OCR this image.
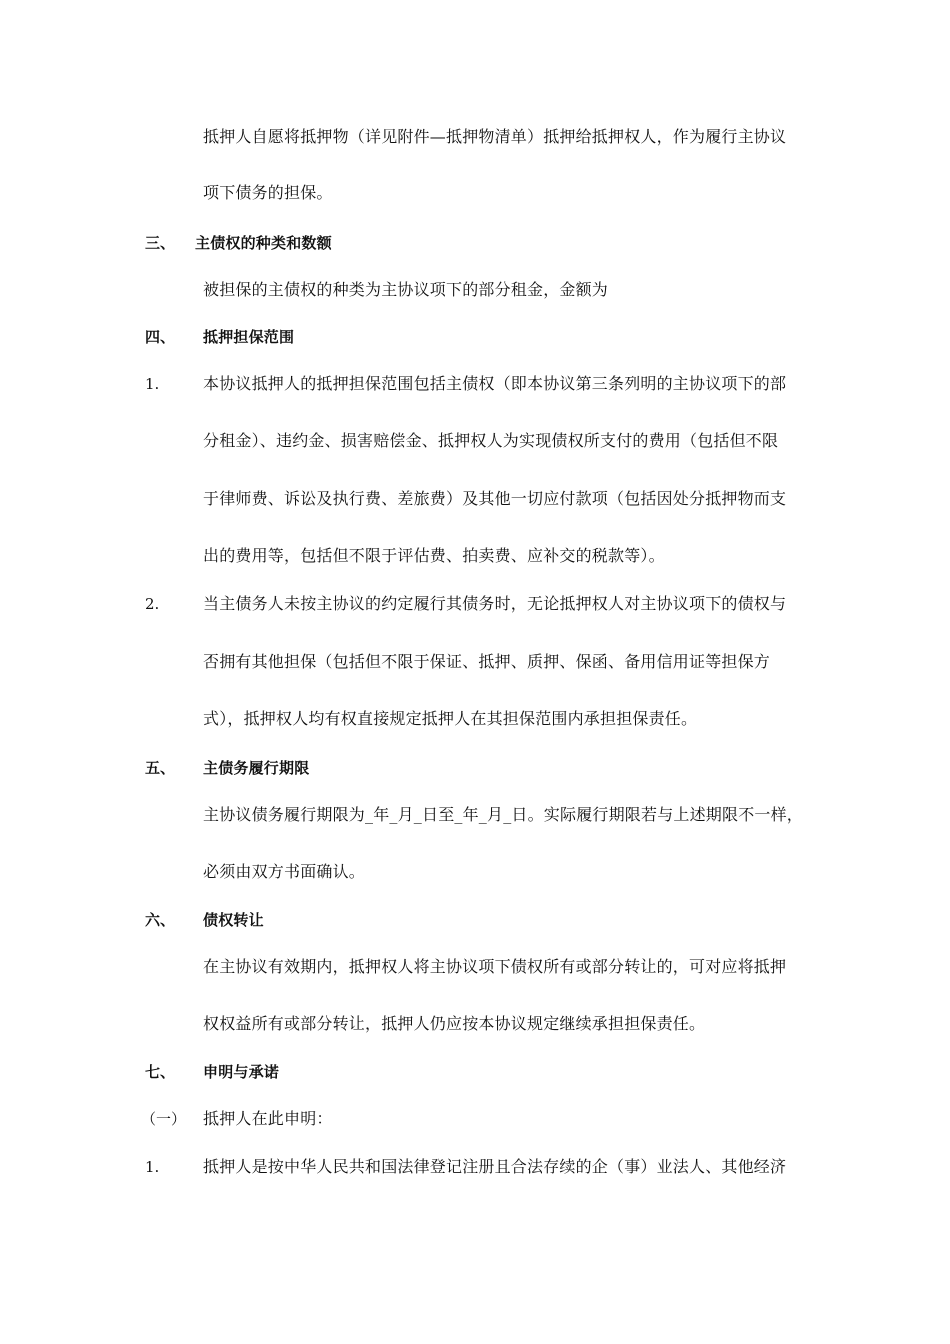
抵押人自愿将抵押物（详见附件—抵押物清单）抵押给抵押权人，作为履行主协议
项下债务的担保。
三、 主债权的种类和数额
被担保的主债权的种类为主协议项下的部分租金，金额为
四、 抵押担保范围
1.	本协议抵押人的抵押担保范围包括主债权（即本协议第三条列明的主协议项下的部
分租金）、违约金、损害赔偿金、抵押权人为实现债权所支付的费用（包括但不限
于律师费、诉讼及执行费、差旅费）及其他一切应付款项（包括因处分抵押物而支
出的费用等，包括但不限于评估费、拍卖费、应补交的税款等）。
2.	当主债务人未按主协议的约定履行其债务时，无论抵押权人对主协议项下的债权与
否拥有其他担保（包括但不限于保证、抵押、质押、保函、备用信用证等担保方
式），抵押权人均有权直接规定抵押人在其担保范围内承担担保责任。
五、 主债务履行期限
主协议债务履行期限为_年_月_日至_年_月_日。实际履行期限若与上述期限不一样，
必须由双方书面确认。
六、 债权转让
在主协议有效期内，抵押权人将主协议项下债权所有或部分转让的，可对应将抵押
权权益所有或部分转让，抵押人仍应按本协议规定继续承担担保责任。
七、 申明与承诺
（一） 抵押人在此申明：
1.	抵押人是按中华人民共和国法律登记注册且合法存续的企（事）业法人、其他经济
